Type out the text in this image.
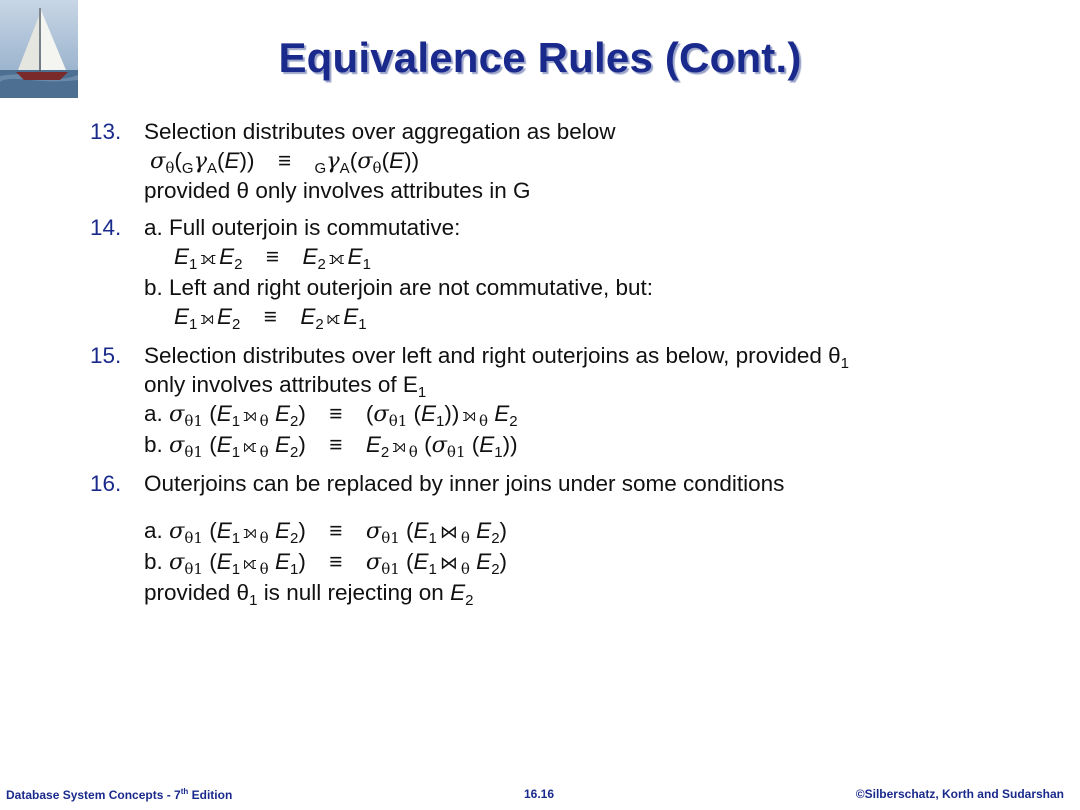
Equivalence Rules (Cont.)
13. Selection distributes over aggregation as below
$\sigma_\theta(_G\gamma_A(E)) \equiv _G\gamma_A(\sigma_\theta(E))$
provided θ only involves attributes in G
14. a. Full outerjoin is commutative:
$E_1$ ⟗ $E_2 \equiv E_2$ ⟗ $E_1$
b. Left and right outerjoin are not commutative, but:
$E_1$ ⟕ $E_2 \equiv E_2$ ⟖ $E_1$
15. Selection distributes over left and right outerjoins as below, provided $\theta_1$
only involves attributes of $E_1$
a. $\sigma_{\theta 1}$ ($E_1$ ⟕ $_\theta$ $E_2) \equiv (\sigma_{\theta 1}$ $(E_1)$) ⟕ $_\theta$ $E_2$
b. $\sigma_{\theta 1}$ ($E_1$ ⟖ $_\theta$ $E_2) \equiv E_2$ ⟕ $_\theta$ ($\sigma_{\theta 1}$ $(E_1)$)
16. Outerjoins can be replaced by inner joins under some conditions
a. $\sigma_{\theta 1}$ ($E_1$ ⟕ $_\theta$ $E_2) \equiv \sigma_{\theta 1}$ ($E_1$ ⋈ $_\theta$ $E_2$)
b. $\sigma_{\theta 1}$ ($E_1$ ⟖ $_\theta$ $E_1) \equiv \sigma_{\theta 1}$ ($E_1$ ⋈ $_\theta$ $E_2$)
provided $\theta_1$ is null rejecting on $E_2$
Database System Concepts - 7th Edition	16.16	©Silberschatz, Korth and Sudarshan
